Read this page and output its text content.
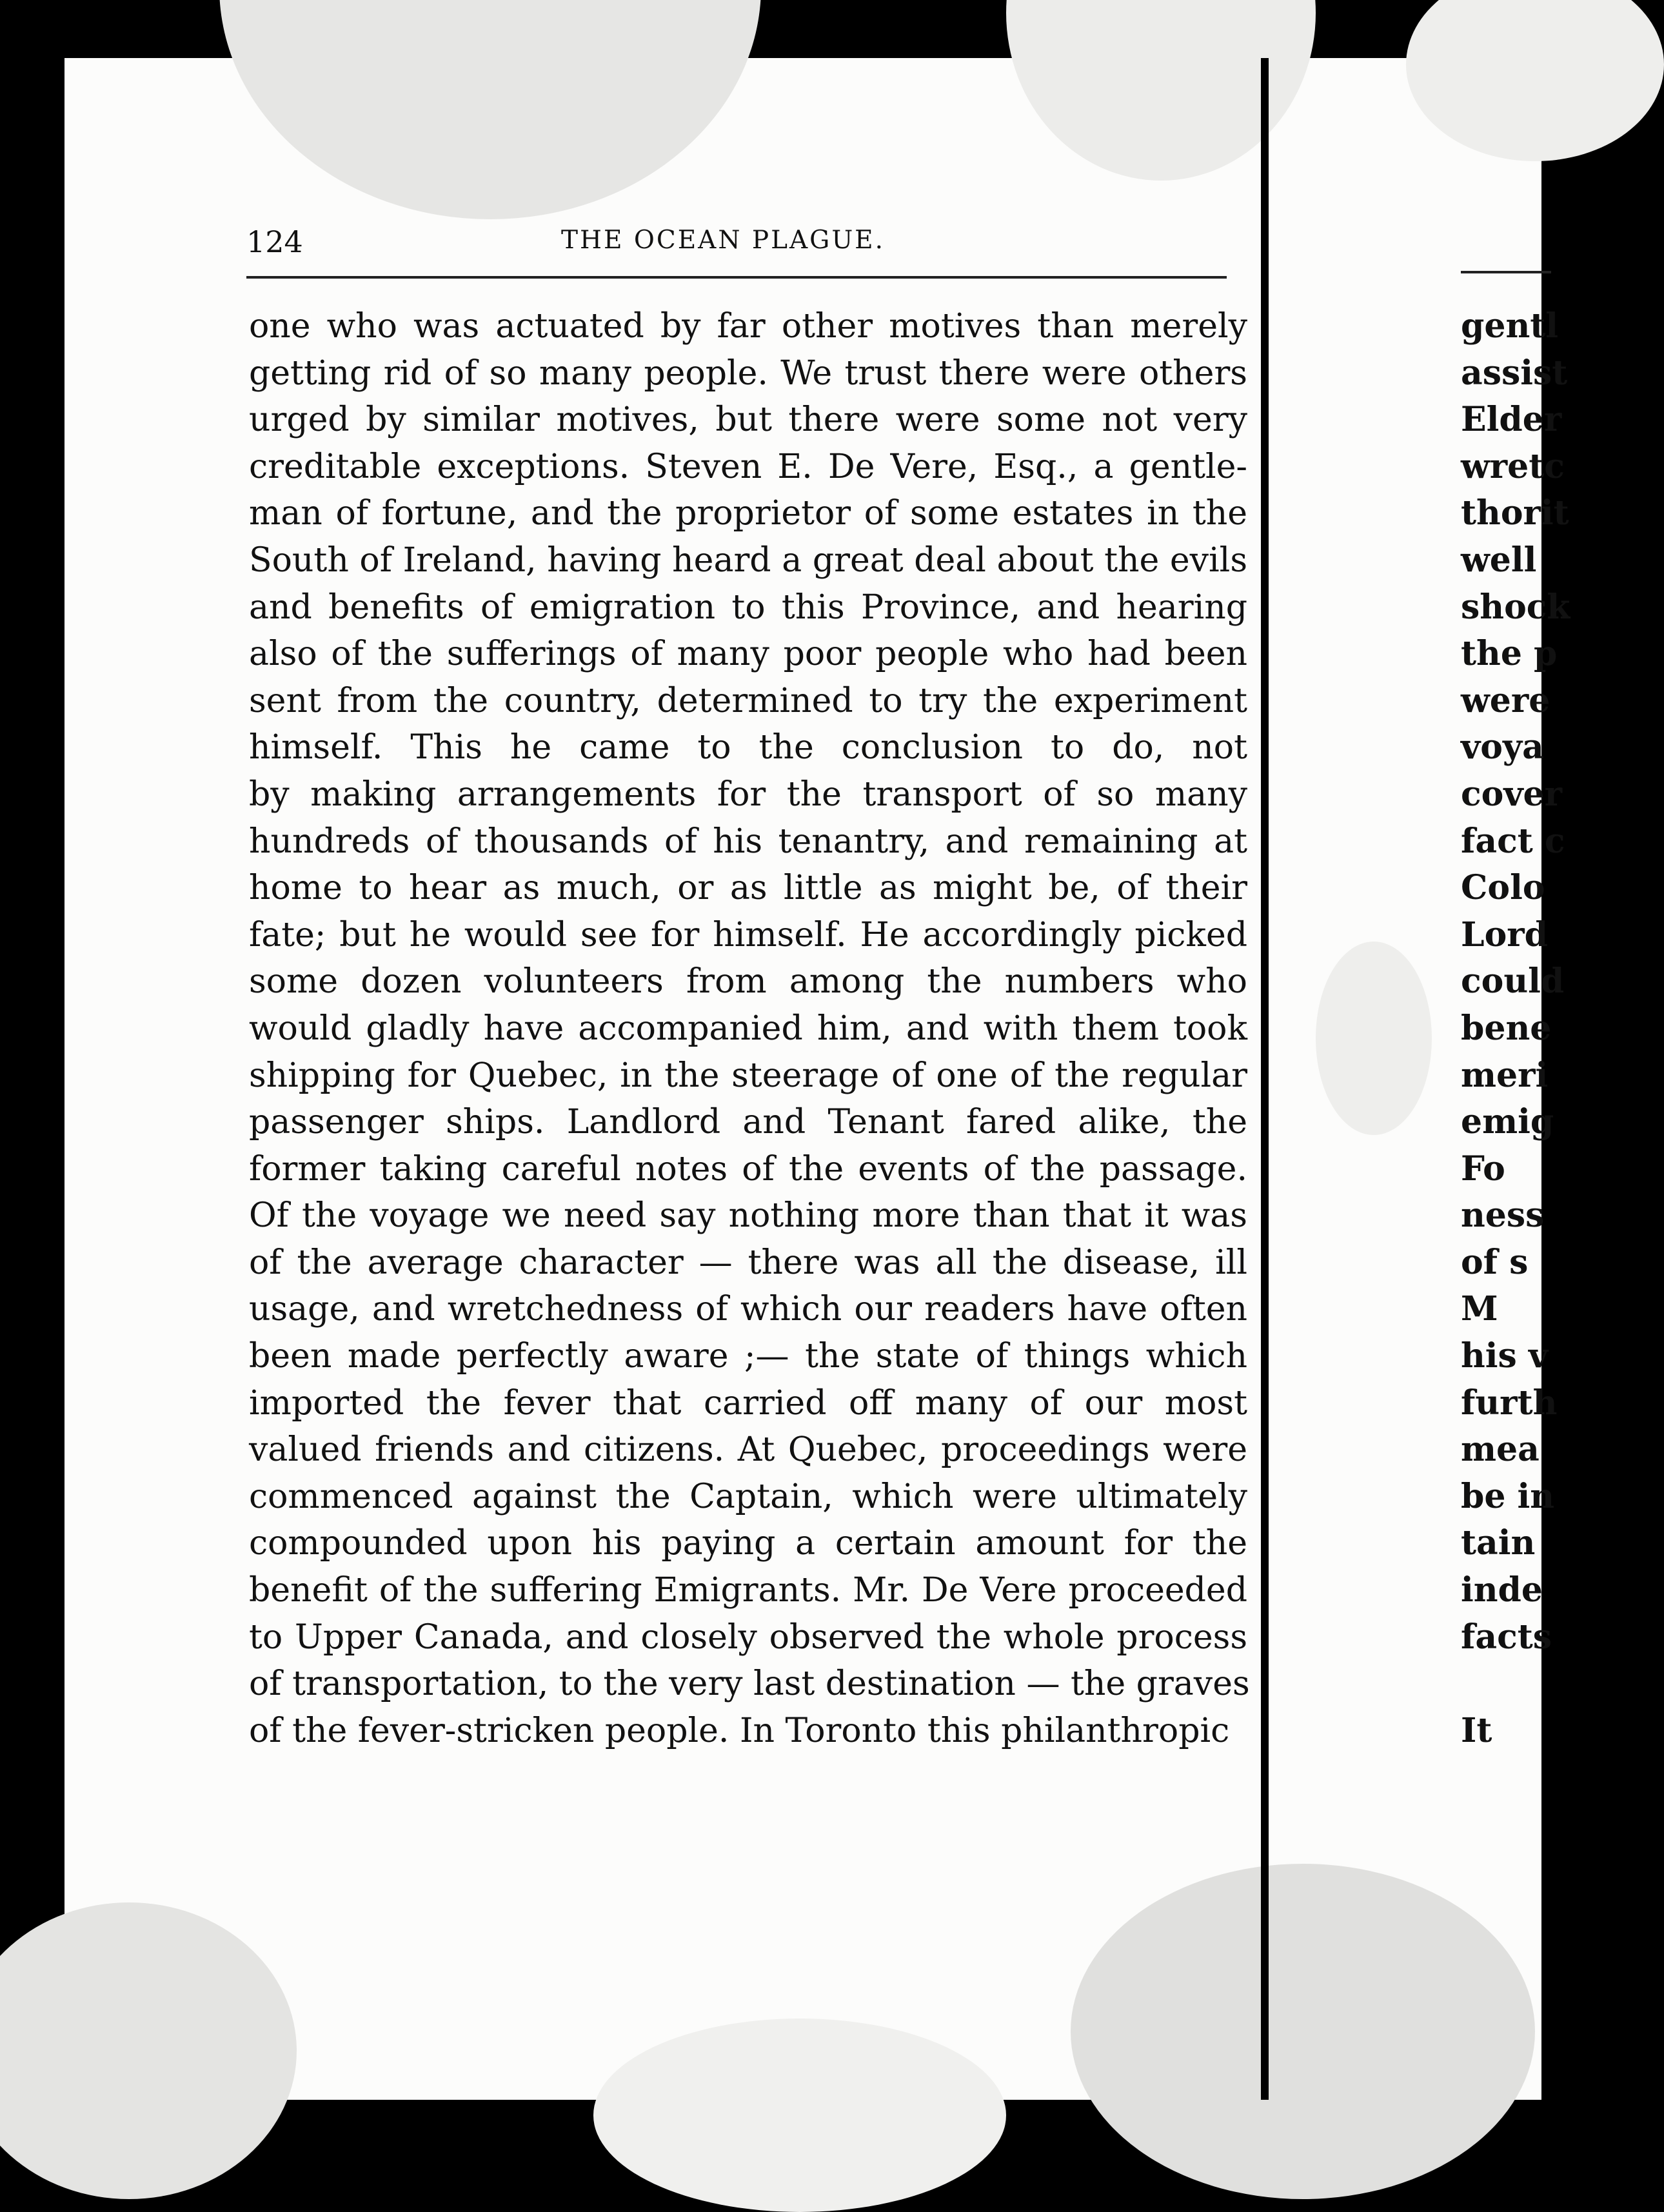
124	THE OCEAN PLAGUE.
one who was actuated by far other motives than merely
getting rid of so many people. We trust there were others
urged by similar motives, but there were some not very
creditable exceptions. Steven E. De Vere, Esq., a gentle-
man of fortune, and the proprietor of some estates in the
South of Ireland, having heard a great deal about the evils
and benefits of emigration to this Province, and hearing
also of the sufferings of many poor people who had been
sent from the country, determined to try the experiment
himself. This he came to the conclusion to do, not
by making arrangements for the transport of so many
hundreds of thousands of his tenantry, and remaining at
home to hear as much, or as little as might be, of their
fate; but he would see for himself. He accordingly picked
some dozen volunteers from among the numbers who
would gladly have accompanied him, and with them took
shipping for Quebec, in the steerage of one of the regular
passenger ships. Landlord and Tenant fared alike, the
former taking careful notes of the events of the passage.
Of the voyage we need say nothing more than that it was
of the average character — there was all the disease, ill
usage, and wretchedness of which our readers have often
been made perfectly aware ;— the state of things which
imported the fever that carried off many of our most
valued friends and citizens. At Quebec, proceedings were
commenced against the Captain, which were ultimately
compounded upon his paying a certain amount for the
benefit of the suffering Emigrants. Mr. De Vere proceeded
to Upper Canada, and closely observed the whole process
of transportation, to the very last destination — the graves
of the fever-stricken people. In Toronto this philanthropic
gentl
assist
Elder
wretc
thorit
well
shock
the p
were
voya
cover
fact c
Colo
Lord
could
bene
meri
emig
Fo
ness
of s
M
his v
furth
mea
be in
tain
inde
facts

It
